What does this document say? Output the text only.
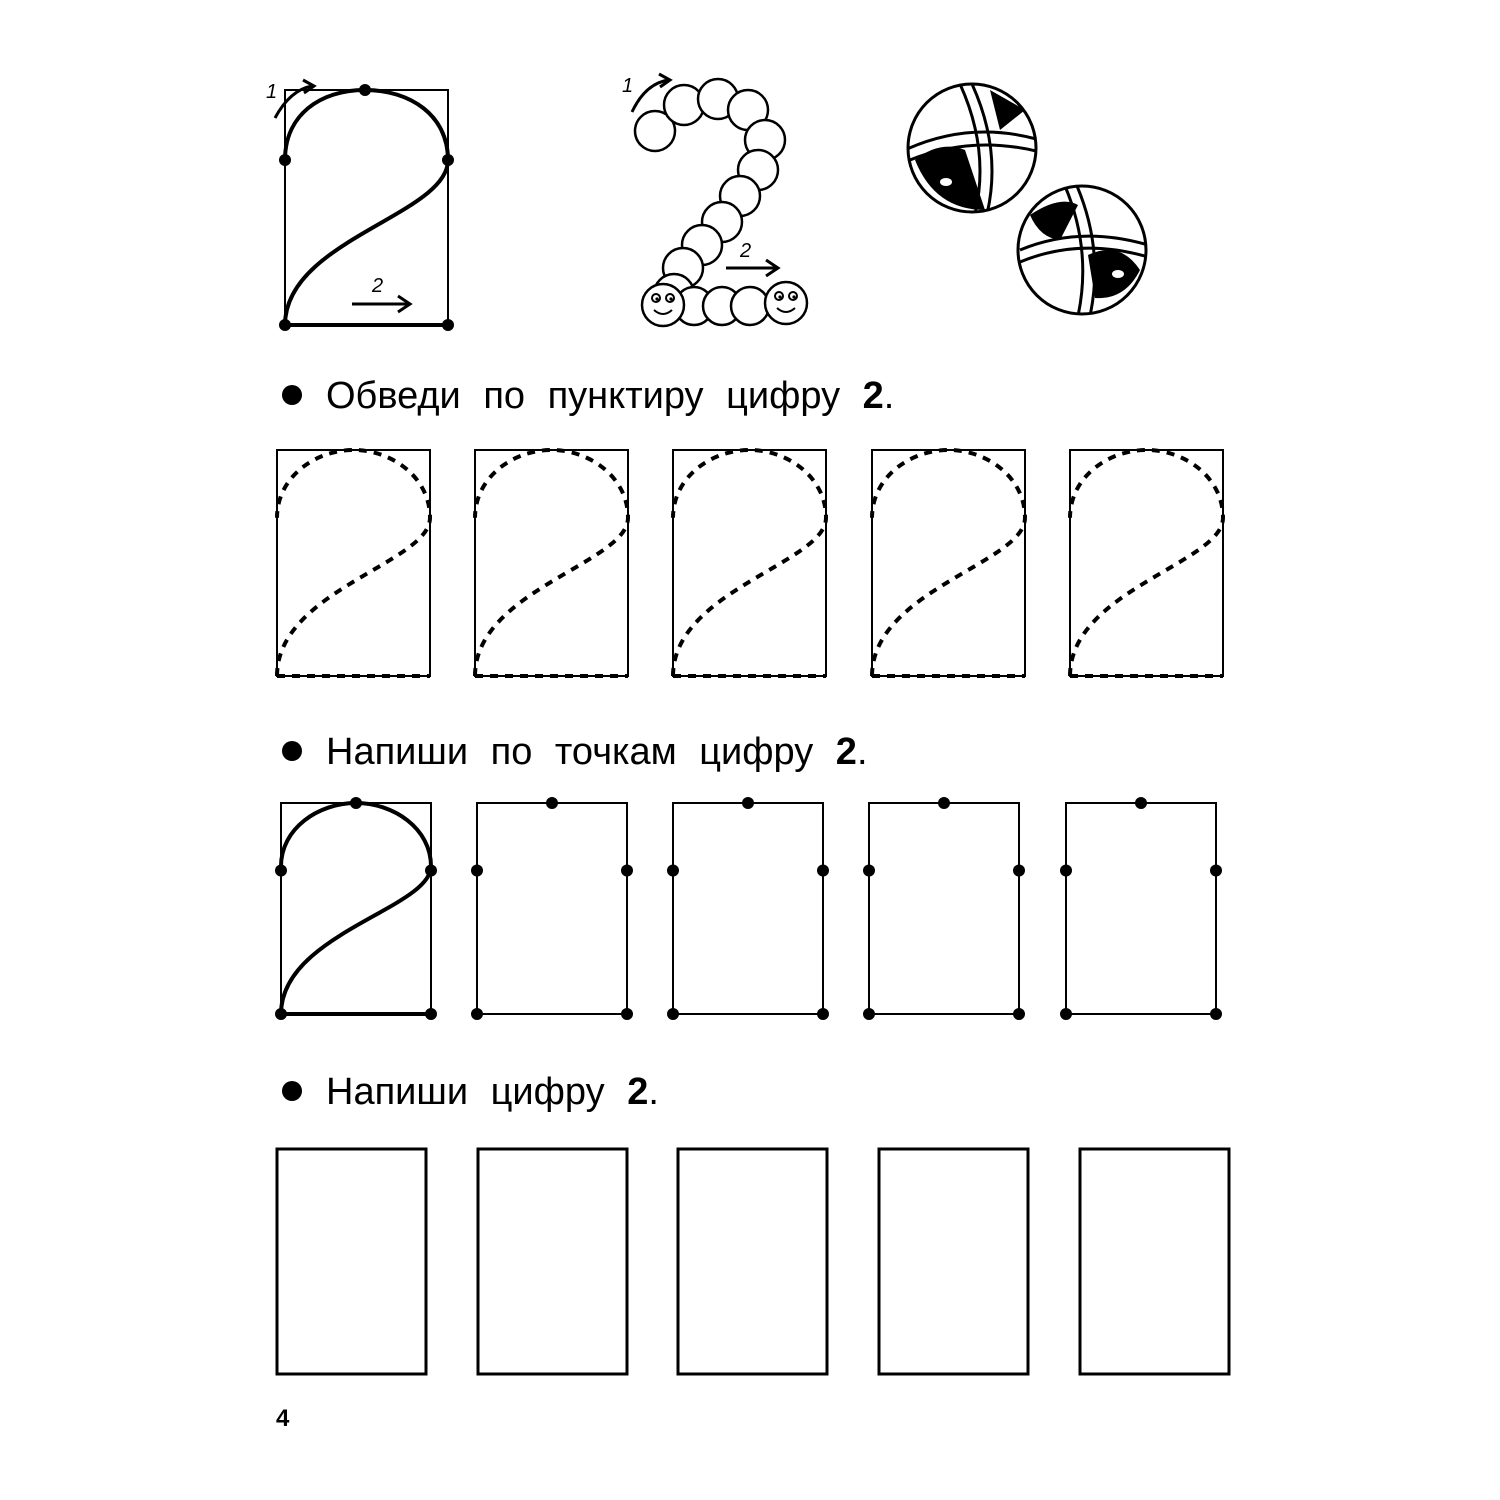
1
2
1
2
Обведи по пунктиру цифру 2.
Напиши по точкам цифру 2.
Напиши цифру 2.
4
